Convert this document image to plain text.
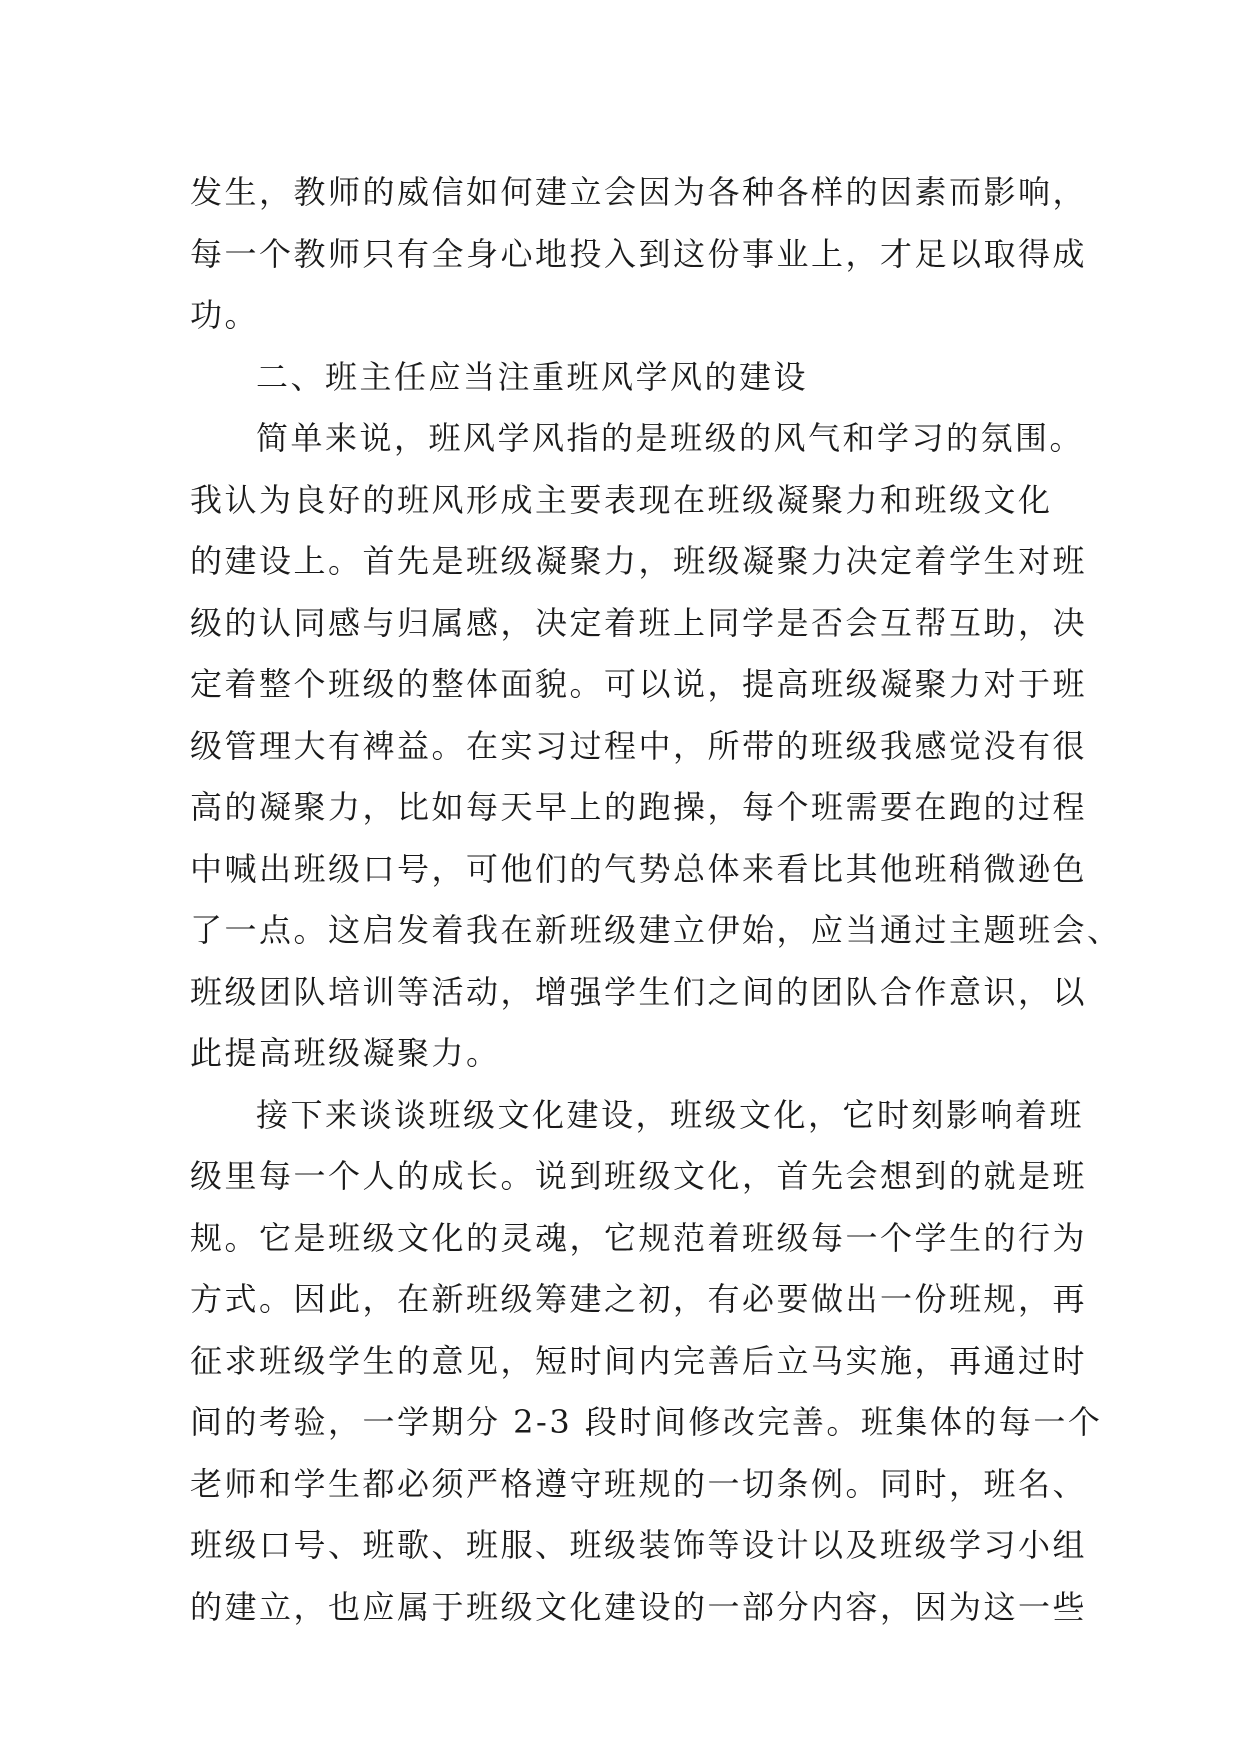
发生，教师的威信如何建立会因为各种各样的因素而影响，
每一个教师只有全身心地投入到这份事业上，才足以取得成
功。
二、班主任应当注重班风学风的建设
简单来说，班风学风指的是班级的风气和学习的氛围。
我认为良好的班风形成主要表现在班级凝聚力和班级文化
的建设上。首先是班级凝聚力，班级凝聚力决定着学生对班
级的认同感与归属感，决定着班上同学是否会互帮互助，决
定着整个班级的整体面貌。可以说，提高班级凝聚力对于班
级管理大有裨益。在实习过程中，所带的班级我感觉没有很
高的凝聚力，比如每天早上的跑操，每个班需要在跑的过程
中喊出班级口号，可他们的气势总体来看比其他班稍微逊色
了一点。这启发着我在新班级建立伊始，应当通过主题班会、
班级团队培训等活动，增强学生们之间的团队合作意识，以
此提高班级凝聚力。
接下来谈谈班级文化建设，班级文化，它时刻影响着班
级里每一个人的成长。说到班级文化，首先会想到的就是班
规。它是班级文化的灵魂，它规范着班级每一个学生的行为
方式。因此，在新班级筹建之初，有必要做出一份班规，再
征求班级学生的意见，短时间内完善后立马实施，再通过时
间的考验，一学期分 2-3 段时间修改完善。班集体的每一个
老师和学生都必须严格遵守班规的一切条例。同时，班名、
班级口号、班歌、班服、班级装饰等设计以及班级学习小组
的建立，也应属于班级文化建设的一部分内容，因为这一些
